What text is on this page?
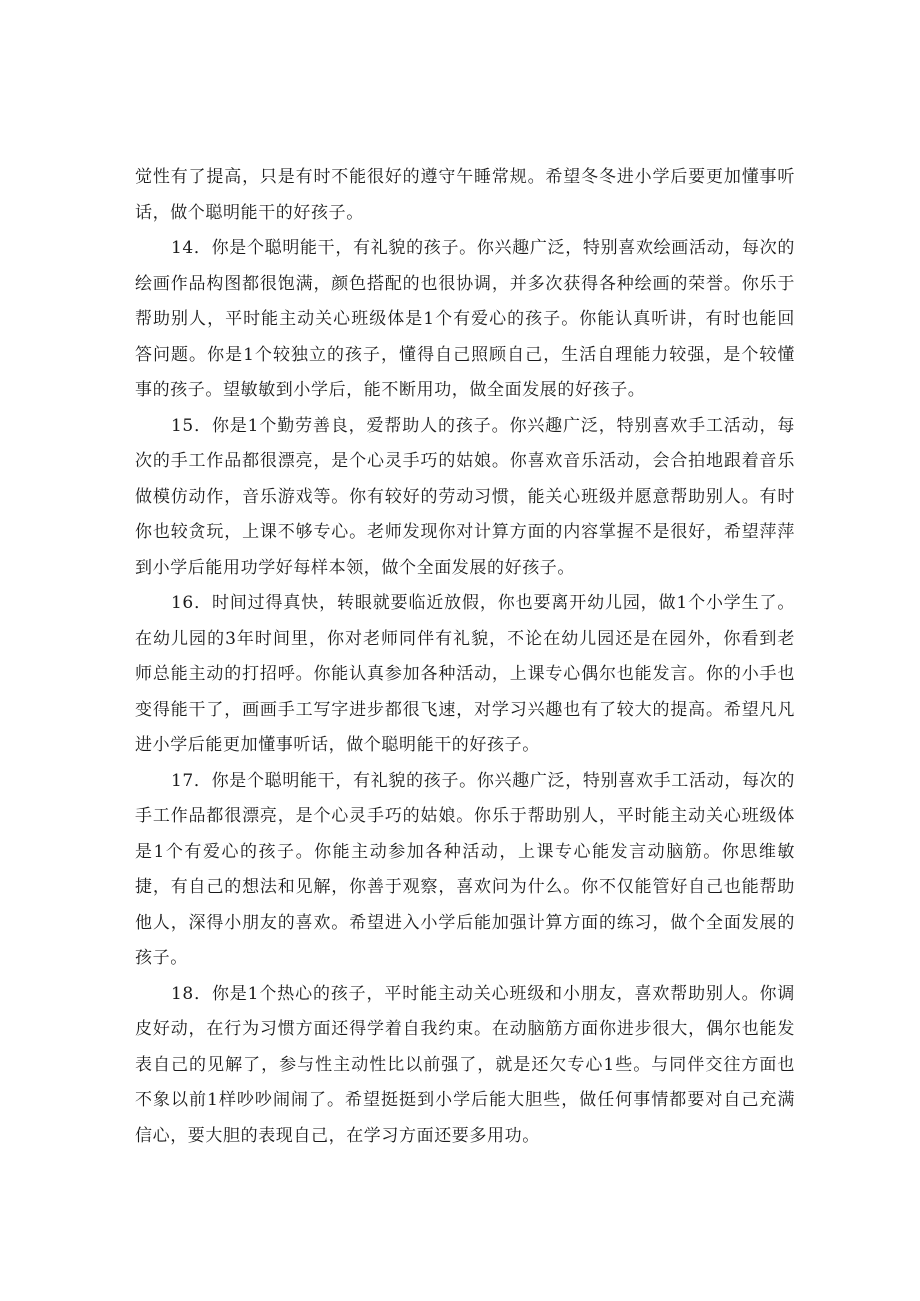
觉性有了提高，只是有时不能很好的遵守午睡常规。希望冬冬进小学后要更加懂事听话，做个聪明能干的好孩子。

14．你是个聪明能干，有礼貌的孩子。你兴趣广泛，特别喜欢绘画活动，每次的绘画作品构图都很饱满，颜色搭配的也很协调，并多次获得各种绘画的荣誉。你乐于帮助别人，平时能主动关心班级体是1个有爱心的孩子。你能认真听讲，有时也能回答问题。你是1个较独立的孩子，懂得自己照顾自己，生活自理能力较强，是个较懂事的孩子。望敏敏到小学后，能不断用功，做全面发展的好孩子。

15．你是1个勤劳善良，爱帮助人的孩子。你兴趣广泛，特别喜欢手工活动，每次的手工作品都很漂亮，是个心灵手巧的姑娘。你喜欢音乐活动，会合拍地跟着音乐做模仿动作，音乐游戏等。你有较好的劳动习惯，能关心班级并愿意帮助别人。有时你也较贪玩，上课不够专心。老师发现你对计算方面的内容掌握不是很好，希望萍萍到小学后能用功学好每样本领，做个全面发展的好孩子。

16．时间过得真快，转眼就要临近放假，你也要离开幼儿园，做1个小学生了。在幼儿园的3年时间里，你对老师同伴有礼貌，不论在幼儿园还是在园外，你看到老师总能主动的打招呼。你能认真参加各种活动，上课专心偶尔也能发言。你的小手也变得能干了，画画手工写字进步都很飞速，对学习兴趣也有了较大的提高。希望凡凡进小学后能更加懂事听话，做个聪明能干的好孩子。

17．你是个聪明能干，有礼貌的孩子。你兴趣广泛，特别喜欢手工活动，每次的手工作品都很漂亮，是个心灵手巧的姑娘。你乐于帮助别人，平时能主动关心班级体是1个有爱心的孩子。你能主动参加各种活动，上课专心能发言动脑筋。你思维敏捷，有自己的想法和见解，你善于观察，喜欢问为什么。你不仅能管好自己也能帮助他人，深得小朋友的喜欢。希望进入小学后能加强计算方面的练习，做个全面发展的孩子。

18．你是1个热心的孩子，平时能主动关心班级和小朋友，喜欢帮助别人。你调皮好动，在行为习惯方面还得学着自我约束。在动脑筋方面你进步很大，偶尔也能发表自己的见解了，参与性主动性比以前强了，就是还欠专心1些。与同伴交往方面也不象以前1样吵吵闹闹了。希望挺挺到小学后能大胆些，做任何事情都要对自己充满信心，要大胆的表现自己，在学习方面还要多用功。
